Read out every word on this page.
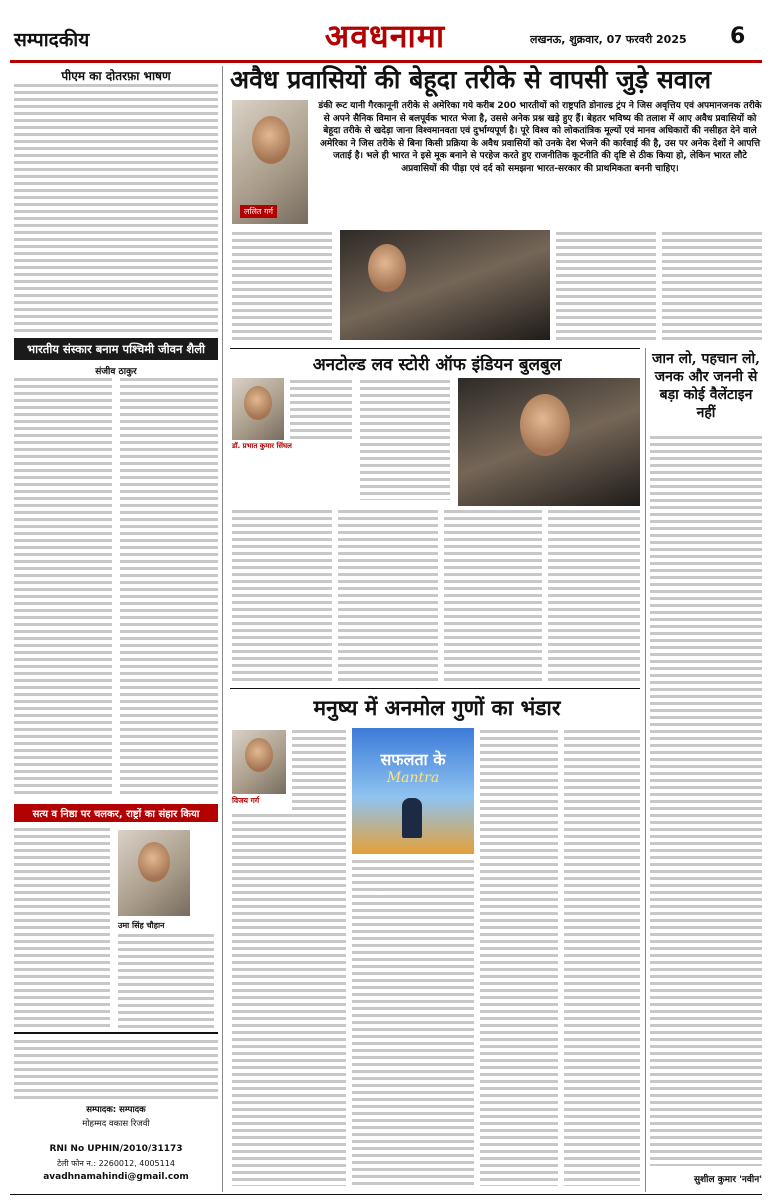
सम्पादकीय	अवधनामा	लखनऊ, शुक्रवार, 07 फरवरी 2025 6
पीएम का दोतरफ़ा भाषण
भारतीय संस्कार बनाम पश्चिमी जीवन शैली
संजीव ठाकुर
सत्य व निष्ठा पर चलकर, राष्ट्रों का संहार किया
उमा सिंह चौहान
सम्पादक: सम्पादक
मोहम्मद वकास रिजवी
RNI No UPHIN/2010/31173
टेली फोन न.: 2260012, 4005114
avadhnamahindi@gmail.com
अवैध प्रवासियों की बेहूदा तरीके से वापसी जुड़े सवाल
ललित गर्ग
डंकी रूट यानी गैरकानूनी तरीके से अमेरिका गये करीब 200 भारतीयों को राष्ट्रपति डोनाल्ड ट्रंप ने जिस अवृत्तिय एवं अपमानजनक तरीके से अपने सैनिक विमान से बलपूर्वक भारत भेजा है, उससे अनेक प्रश्न खड़े हुए हैं। बेहतर भविष्य की तलाश में आए अवैध प्रवासियों को बेहूदा तरीके से खदेड़ा जाना विश्वमानवता एवं दुर्भाग्यपूर्ण है। पूरे विश्व को लोकतांत्रिक मूल्यों एवं मानव अधिकारों की नसीहत देने वाले अमेरिका ने जिस तरीके से बिना किसी प्रक्रिया के अवैध प्रवासियों को उनके देश भेजने की कार्रवाई की है, उस पर अनेक देशों ने आपत्ति जताई है। भले ही भारत ने इसे मूक बनाने से परहेज करते हुए राजनीतिक कूटनीति की दृष्टि से ठीक किया हो, लेकिन भारत लौटे अप्रवासियों की पीड़ा एवं दर्द को समझना भारत-सरकार की प्राथमिकता बननी चाहिए।
अनटोल्ड लव स्टोरी ऑफ इंडियन बुलबुल
डॉ. प्रभात कुमार सिंघल
जान लो, पहचान लो, जनक और जननी से बड़ा कोई वैलेंटाइन नहीं
सुशील कुमार 'नवीन'
मनुष्य में अनमोल गुणों का भंडार
विजय गर्ग
सफलता के
Mantra
